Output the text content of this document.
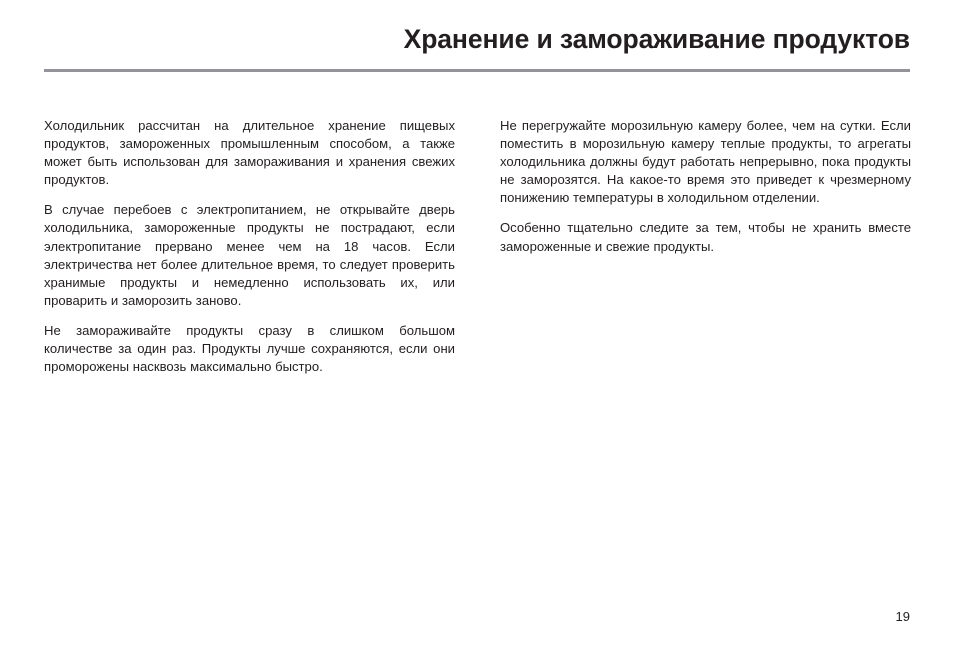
Хранение и замораживание продуктов

Холодильник рассчитан на длительное хранение пищевых продуктов, замороженных промышленным способом, а также может быть использован для замораживания и хранения свежих продуктов.

В случае перебоев с электропитанием, не открывайте дверь холодильника, замороженные продукты не пострадают, если электропитание прервано менее чем на 18 часов. Если электричества нет более длительное время, то следует проверить хранимые продукты и немедленно использовать их, или проварить и заморозить заново.

Не замораживайте продукты сразу в слишком большом количестве за один раз. Продукты лучше сохраняются, если они проморожены насквозь максимально быстро.

Не перегружайте морозильную камеру более, чем на сутки. Если поместить в морозильную камеру теплые продукты, то агрегаты холодильника должны будут работать непрерывно, пока продукты не заморозятся. На какое-то время это приведет к чрезмерному понижению температуры в холодильном отделении.

Особенно тщательно следите за тем, чтобы не хранить вместе замороженные и свежие продукты.

19
